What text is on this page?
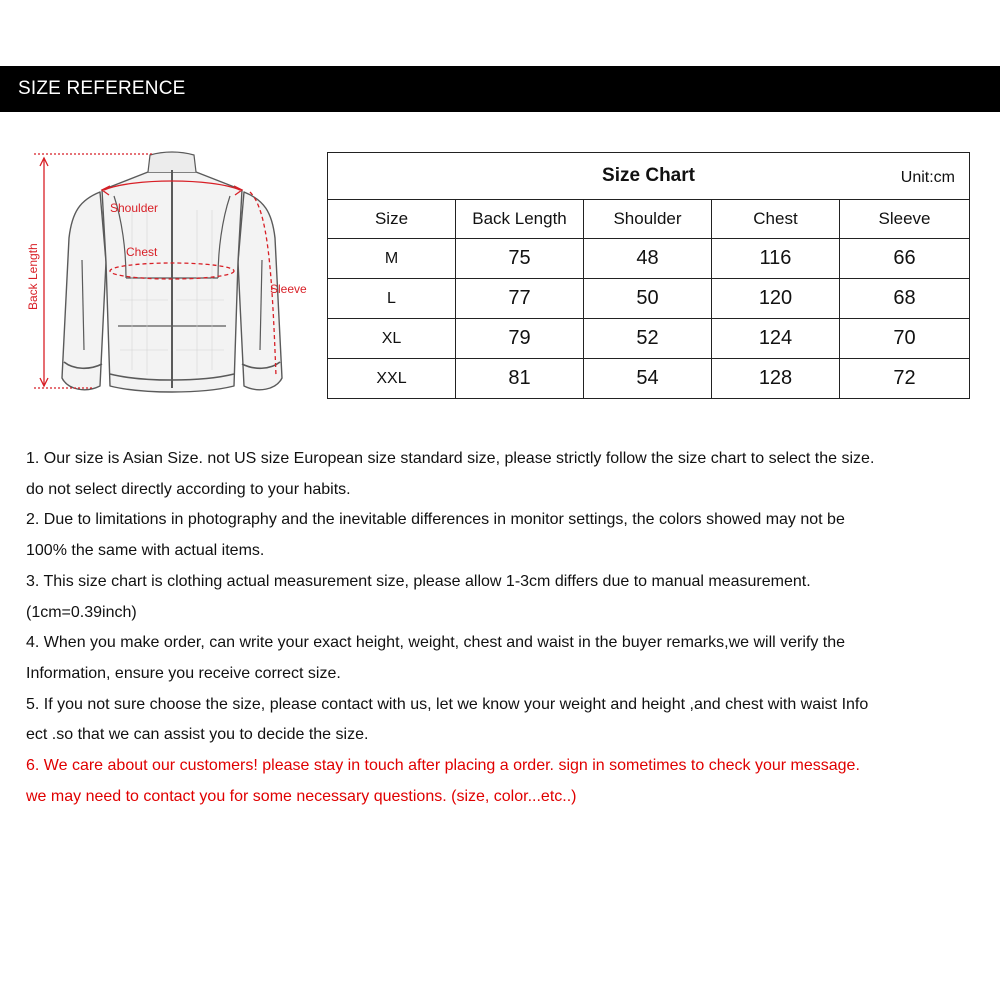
SIZE REFERENCE
Shoulder
Chest
Sleeve
Back Length
Size Chart Unit:cm				

Size	Back Length	Shoulder	Chest	Sleeve
M	75	48	116	66
L	77	50	120	68
XL	79	52	124	70
XXL	81	54	128	72
1. Our size is Asian Size. not US size European size standard size, please strictly follow the size chart to select the size.
do not select directly according to your habits.
2. Due to limitations in photography and the inevitable differences in monitor settings, the colors showed may not be
100% the same with actual items.
3. This size chart is clothing actual measurement size, please allow 1-3cm differs due to manual measurement.
(1cm=0.39inch)
4. When you make order, can write your exact height, weight, chest and waist in the buyer remarks,we will verify the
Information, ensure you receive correct size.
5. If you not sure choose the size, please contact with us, let we know your weight and height ,and chest with waist Info
ect .so that we can assist you to decide the size.
6. We care about our customers! please stay in touch after placing a order. sign in sometimes to check your message.
we may need to contact you for some necessary questions. (size, color...etc..)
